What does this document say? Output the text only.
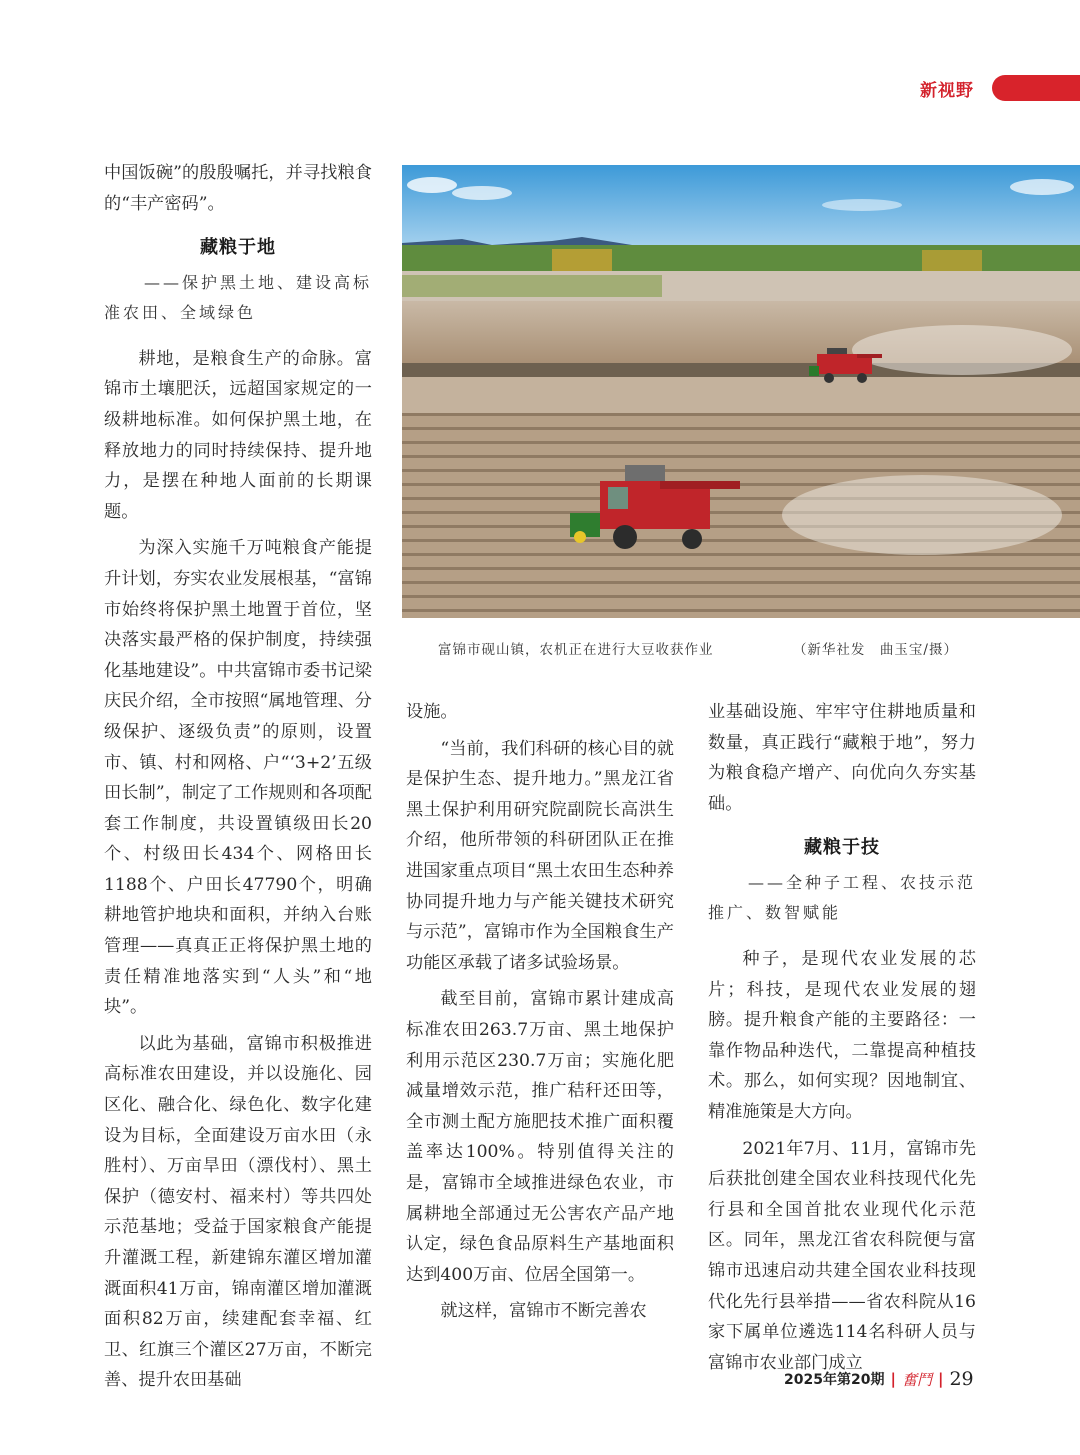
新视野

中国饭碗”的殷殷嘱托，并寻找粮食的“丰产密码”。

藏粮于地
——保护黑土地、建设高标
准农田、全域绿色

耕地，是粮食生产的命脉。富锦市土壤肥沃，远超国家规定的一级耕地标准。如何保护黑土地，在释放地力的同时持续保持、提升地力，是摆在种地人面前的长期课题。

为深入实施千万吨粮食产能提升计划，夯实农业发展根基，“富锦市始终将保护黑土地置于首位，坚决落实最严格的保护制度，持续强化基地建设”。中共富锦市委书记梁庆民介绍，全市按照“属地管理、分级保护、逐级负责”的原则，设置市、镇、村和网格、户“‘3+2’五级田长制”，制定了工作规则和各项配套工作制度，共设置镇级田长20个、村级田长434个、网格田长1188个、户田长47790个，明确耕地管护地块和面积，并纳入台账管理——真真正正将保护黑土地的责任精准地落实到“人头”和“地块”。

以此为基础，富锦市积极推进高标准农田建设，并以设施化、园区化、融合化、绿色化、数字化建设为目标，全面建设万亩水田（永胜村）、万亩旱田（漂伐村）、黑土保护（德安村、福来村）等共四处示范基地；受益于国家粮食产能提升灌溉工程，新建锦东灌区增加灌溉面积41万亩，锦南灌区增加灌溉面积82万亩，续建配套幸福、红卫、红旗三个灌区27万亩，不断完善、提升农田基础

富锦市砚山镇，农机正在进行大豆收获作业	（新华社发　曲玉宝/摄）

设施。

“当前，我们科研的核心目的就是保护生态、提升地力。”黑龙江省黑土保护利用研究院副院长高洪生介绍，他所带领的科研团队正在推进国家重点项目“黑土农田生态种养协同提升地力与产能关键技术研究与示范”，富锦市作为全国粮食生产功能区承载了诸多试验场景。

截至目前，富锦市累计建成高标准农田263.7万亩、黑土地保护利用示范区230.7万亩；实施化肥减量增效示范，推广秸秆还田等，全市测土配方施肥技术推广面积覆盖率达100%。特别值得关注的是，富锦市全域推进绿色农业，市属耕地全部通过无公害农产品产地认定，绿色食品原料生产基地面积达到400万亩、位居全国第一。

就这样，富锦市不断完善农

业基础设施、牢牢守住耕地质量和数量，真正践行“藏粮于地”，努力为粮食稳产增产、向优向久夯实基础。

藏粮于技
——全种子工程、农技示范
推广、数智赋能

种子，是现代农业发展的芯片；科技，是现代农业发展的翅膀。提升粮食产能的主要路径：一靠作物品种迭代，二靠提高种植技术。那么，如何实现？因地制宜、精准施策是大方向。

2021年7月、11月，富锦市先后获批创建全国农业科技现代化先行县和全国首批农业现代化示范区。同年，黑龙江省农科院便与富锦市迅速启动共建全国农业科技现代化先行县举措——省农科院从16家下属单位遴选114名科研人员与富锦市农业部门成立

2025年第20期 | 奮鬥 | 29
